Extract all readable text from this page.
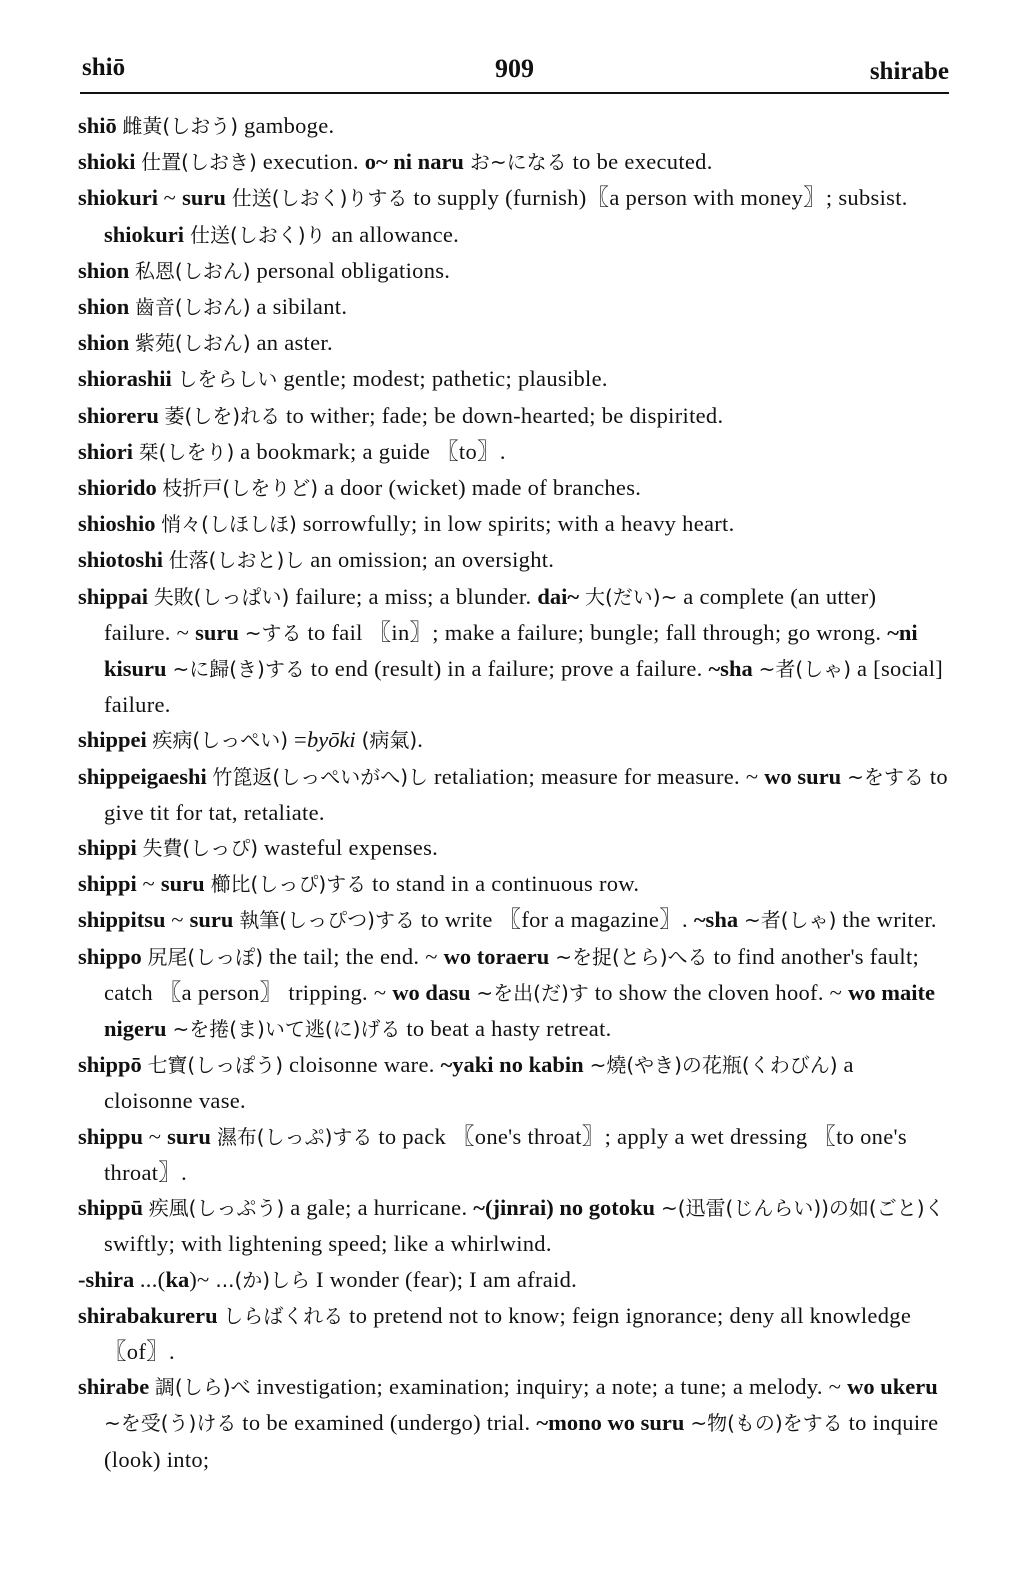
shiō	909	shirabe

shiō 雌黃(しおう) gamboge.

shioki 仕置(しおき) execution. o~ ni naru お~になる to be executed.

shiokuri ~ suru 仕送(しおく)りする to supply (furnish)〖a person with money〗; subsist. shiokuri 仕送(しおく)り an allowance.

shion 私恩(しおん) personal obligations.

shion 齒音(しおん) a sibilant.

shion 紫苑(しおん) an aster.

shiorashii しをらしい gentle; modest; pathetic; plausible.

shioreru 萎(しを)れる to wither; fade; be down-hearted; be dispirited.

shiori 栞(しをり) a bookmark; a guide 〖to〗.

shiorido 枝折戸(しをりど) a door (wicket) made of branches.

shioshio 悄々(しほしほ) sorrowfully; in low spirits; with a heavy heart.

shiotoshi 仕落(しおと)し an omission; an oversight.

shippai 失敗(しっぱい) failure; a miss; a blunder. dai~ 大(だい)~ a complete (an utter) failure. ~ suru ~する to fail 〖in〗; make a failure; bungle; fall through; go wrong. ~ni kisuru ~に歸(き)する to end (result) in a failure; prove a failure. ~sha ~者(しゃ) a [social] failure.

shippei 疾病(しっぺい) =byōki (病氣).

shippeigaeshi 竹箆返(しっぺいがへ)し retaliation; measure for measure. ~ wo suru ~をする to give tit for tat, retaliate.

shippi 失費(しっぴ) wasteful expenses.

shippi ~ suru 櫛比(しっぴ)する to stand in a continuous row.

shippitsu ~ suru 執筆(しっぴつ)する to write 〖for a magazine〗. ~sha ~者(しゃ) the writer.

shippo 尻尾(しっぽ) the tail; the end. ~ wo toraeru ~を捉(とら)へる to find another's fault; catch 〖a person〗 tripping. ~ wo dasu ~を出(だ)す to show the cloven hoof. ~ wo maite nigeru ~を捲(ま)いて逃(に)げる to beat a hasty retreat.

shippō 七寶(しっぽう) cloisonne ware. ~yaki no kabin ~燒(やき)の花瓶(くわびん) a cloisonne vase.

shippu ~ suru 濕布(しっぷ)する to pack 〖one's throat〗; apply a wet dressing 〖to one's throat〗.

shippū 疾風(しっぷう) a gale; a hurricane. ~(jinrai) no gotoku ~(迅雷(じんらい))の如(ごと)く swiftly; with lightening speed; like a whirlwind.

-shira ...(ka)~ ...(か)しら I wonder (fear); I am afraid.

shirabakureru しらばくれる to pretend not to know; feign ignorance; deny all knowledge 〖of〗.

shirabe 調(しら)べ investigation; examination; inquiry; a note; a tune; a melody. ~ wo ukeru ~を受(う)ける to be examined (undergo) trial. ~mono wo suru ~物(もの)をする to inquire (look) into;
